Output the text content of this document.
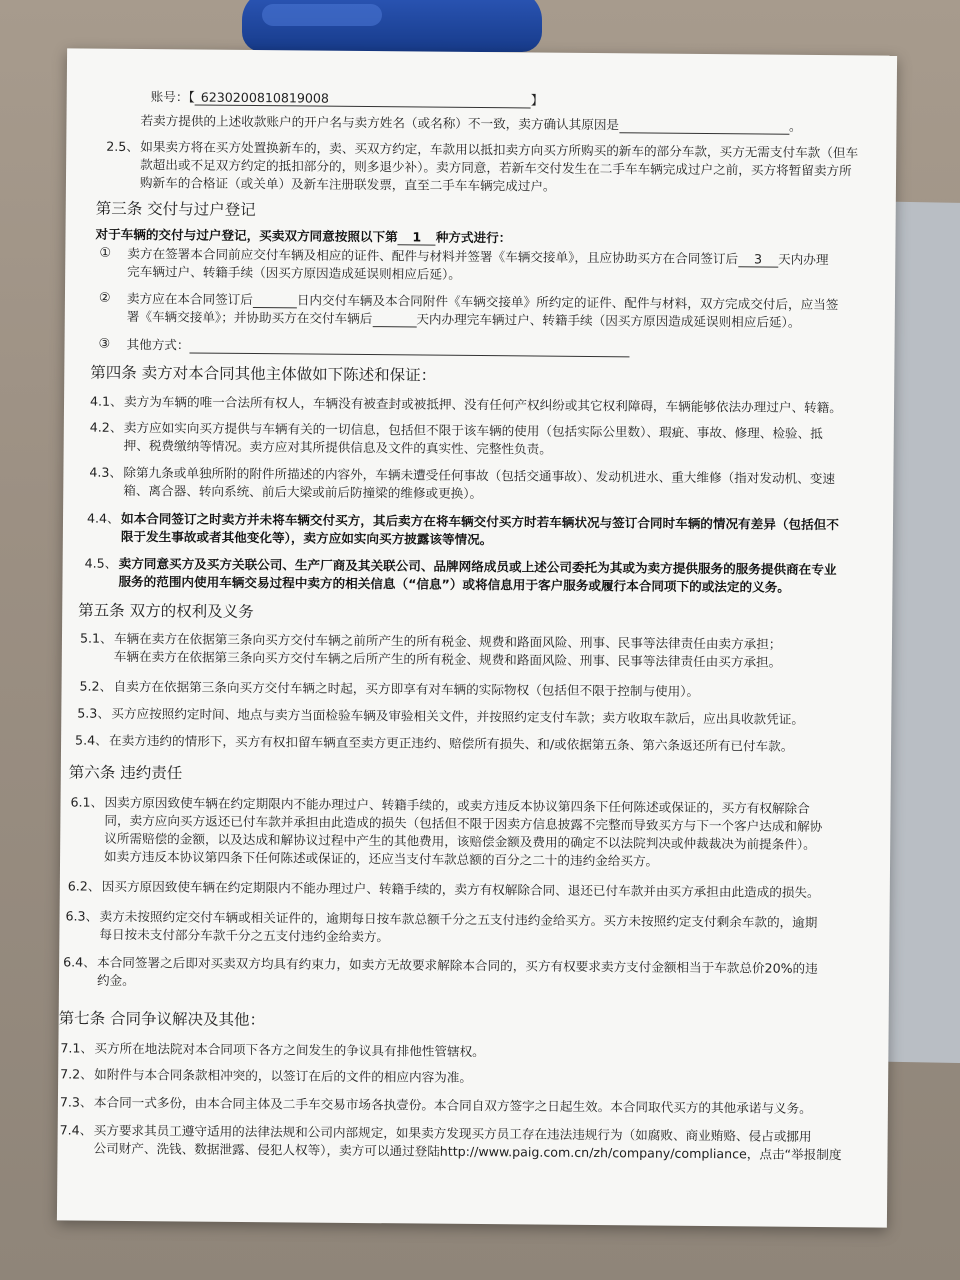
账号：【 6230200810819008	】

若卖方提供的上述收款账户的开户名与卖方姓名（或名称）不一致，卖方确认其原因是	。

2.5、 如果卖方将在买方处置换新车的，卖、买双方约定，车款用以抵扣卖方向买方所购买的新车的部分车款，买方无需支付车款（但车

款超出或不足双方约定的抵扣部分的，则多退少补）。卖方同意，若新车交付发生在二手车车辆完成过户之前，买方将暂留卖方所

购新车的合格证（或关单）及新车注册联发票，直至二手车车辆完成过户。

第三条 交付与过户登记

对于车辆的交付与过户登记，买卖双方同意按照以下第 1 种方式进行：

① 卖方在签署本合同前应交付车辆及相应的证件、配件与材料并签署《车辆交接单》，且应协助买方在合同签订后 3 天内办理

完车辆过户、转籍手续（因买方原因造成延误则相应后延）。

② 卖方应在本合同签订后	日内交付车辆及本合同附件《车辆交接单》所约定的证件、配件与材料，双方完成交付后，应当签

署《车辆交接单》；并协助买方在交付车辆后	天内办理完车辆过户、转籍手续（因买方原因造成延误则相应后延）。

③ 其他方式：

第四条 卖方对本合同其他主体做如下陈述和保证：

4.1、 卖方为车辆的唯一合法所有权人，车辆没有被查封或被抵押、没有任何产权纠纷或其它权利障碍，车辆能够依法办理过户、转籍。

4.2、 卖方应如实向买方提供与车辆有关的一切信息，包括但不限于该车辆的使用（包括实际公里数）、瑕疵、事故、修理、检验、抵

押、税费缴纳等情况。卖方应对其所提供信息及文件的真实性、完整性负责。

4.3、 除第九条或单独所附的附件所描述的内容外，车辆未遭受任何事故（包括交通事故）、发动机进水、重大维修（指对发动机、变速

箱、离合器、转向系统、前后大梁或前后防撞梁的维修或更换）。

4.4、 如本合同签订之时卖方并未将车辆交付买方，其后卖方在将车辆交付买方时若车辆状况与签订合同时车辆的情况有差异（包括但不

限于发生事故或者其他变化等），卖方应如实向买方披露该等情况。

4.5、 卖方同意买方及买方关联公司、生产厂商及其关联公司、品牌网络成员或上述公司委托为其或为卖方提供服务的服务提供商在专业

服务的范围内使用车辆交易过程中卖方的相关信息（“信息”）或将信息用于客户服务或履行本合同项下的或法定的义务。

第五条 双方的权利及义务

5.1、 车辆在卖方在依据第三条向买方交付车辆之前所产生的所有税金、规费和路面风险、刑事、民事等法律责任由卖方承担；

车辆在卖方在依据第三条向买方交付车辆之后所产生的所有税金、规费和路面风险、刑事、民事等法律责任由买方承担。

5.2、 自卖方在依据第三条向买方交付车辆之时起，买方即享有对车辆的实际物权（包括但不限于控制与使用）。

5.3、 买方应按照约定时间、地点与卖方当面检验车辆及审验相关文件，并按照约定支付车款；卖方收取车款后，应出具收款凭证。

5.4、 在卖方违约的情形下，买方有权扣留车辆直至卖方更正违约、赔偿所有损失、和/或依据第五条、第六条返还所有已付车款。

第六条 违约责任

6.1、 因卖方原因致使车辆在约定期限内不能办理过户、转籍手续的，或卖方违反本协议第四条下任何陈述或保证的，买方有权解除合

同，卖方应向买方返还已付车款并承担由此造成的损失（包括但不限于因卖方信息披露不完整而导致买方与下一个客户达成和解协

议所需赔偿的金额，以及达成和解协议过程中产生的其他费用，该赔偿金额及费用的确定不以法院判决或仲裁裁决为前提条件）。

如卖方违反本协议第四条下任何陈述或保证的，还应当支付车款总额的百分之二十的违约金给买方。

6.2、 因买方原因致使车辆在约定期限内不能办理过户、转籍手续的，卖方有权解除合同、退还已付车款并由买方承担由此造成的损失。

6.3、 卖方未按照约定交付车辆或相关证件的，逾期每日按车款总额千分之五支付违约金给买方。买方未按照约定支付剩余车款的，逾期

每日按未支付部分车款千分之五支付违约金给卖方。

6.4、 本合同签署之后即对买卖双方均具有约束力，如卖方无故要求解除本合同的，买方有权要求卖方支付金额相当于车款总价20%的违

约金。

第七条 合同争议解决及其他：

7.1、 买方所在地法院对本合同项下各方之间发生的争议具有排他性管辖权。

7.2、 如附件与本合同条款相冲突的，以签订在后的文件的相应内容为准。

7.3、 本合同一式多份，由本合同主体及二手车交易市场各执壹份。本合同自双方签字之日起生效。本合同取代买方的其他承诺与义务。

7.4、 买方要求其员工遵守适用的法律法规和公司内部规定，如果卖方发现买方员工存在违法违规行为（如腐败、商业贿赂、侵占或挪用

公司财产、洗钱、数据泄露、侵犯人权等），卖方可以通过登陆http://www.paig.com.cn/zh/company/compliance，点击“举报制度
